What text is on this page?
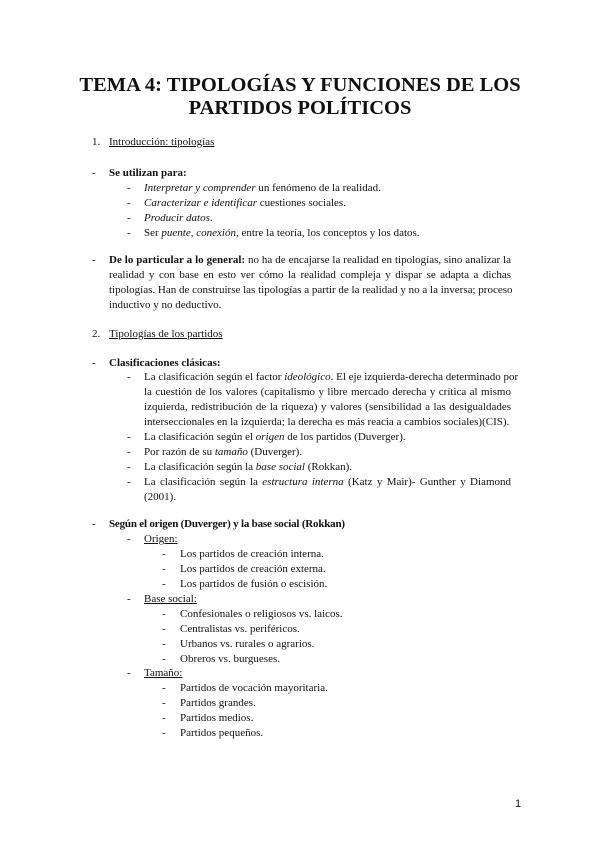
TEMA 4: TIPOLOGÍAS Y FUNCIONES DE LOS
PARTIDOS POLÍTICOS
1. Introducción: tipologías
- Se utilizan para:
- Interpretar y comprender un fenómeno de la realidad.
- Caracterizar e identificar cuestiones sociales.
- Producir datos.
- Ser puente, conexión, entre la teoría, los conceptos y los datos.
- De lo particular a lo general: no ha de encajarse la realidad en tipologías, sino analizar la
realidad y con base en esto ver cómo la realidad compleja y dispar se adapta a dichas
tipologías. Han de construirse las tipologías a partir de la realidad y no a la inversa; proceso
inductivo y no deductivo.
2. Tipologías de los partidos
- Clasificaciones clásicas:
- La clasificación según el factor ideológico. El eje izquierda-derecha determinado por
la cuestión de los valores (capitalismo y libre mercado derecha y crítica al mismo
izquierda, redistribución de la riqueza) y valores (sensibilidad a las desigualdades
interseccionales en la izquierda; la derecha es más reacia a cambios sociales)(CIS).
- La clasificación según el origen de los partidos (Duverger).
- Por razón de su tamaño (Duverger).
- La clasificación según la base social (Rokkan).
- La clasificación según la estructura interna (Katz y Mair)- Gunther y Diamond
(2001).
- Según el origen (Duverger) y la base social (Rokkan)
- Origen:
- Los partidos de creación interna.
- Los partidos de creación externa.
- Los partidos de fusión o escisión.
- Base social:
- Confesionales o religiosos vs. laicos.
- Centralistas vs. periféricos.
- Urbanos vs. rurales o agrarios.
- Obreros vs. burgueses.
- Tamaño:
- Partidos de vocación mayoritaria.
- Partidos grandes.
- Partidos medios.
- Partidos pequeños.
1
